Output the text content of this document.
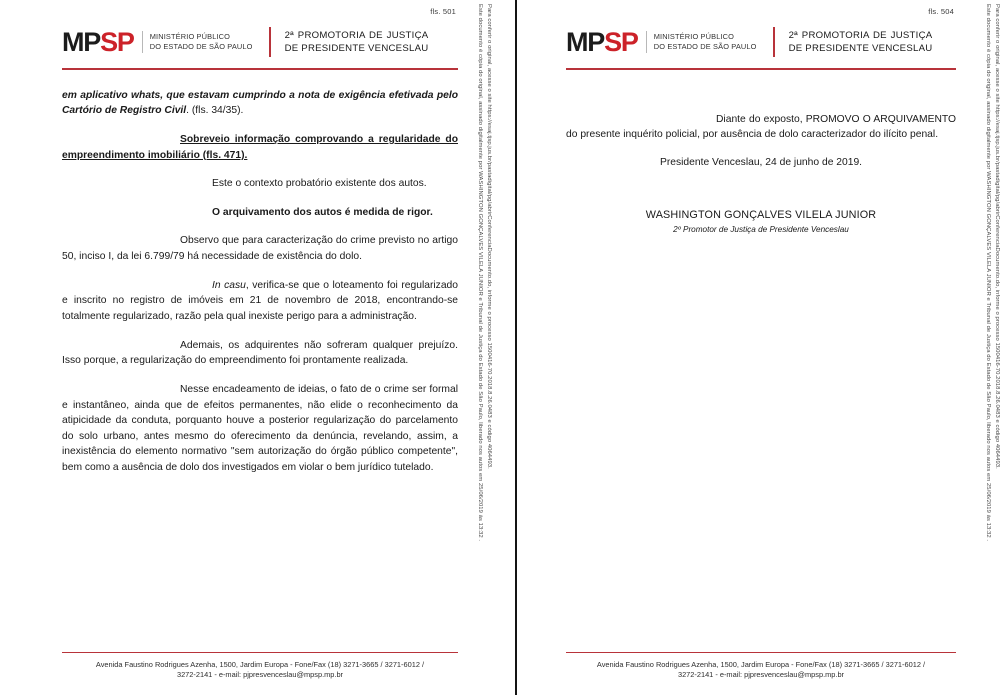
fls. 501
MPSP MINISTÉRIO PÚBLICO
DO ESTADO DE SÃO PAULO
2ª PROMOTORIA DE JUSTIÇA
DE PRESIDENTE VENCESLAU

em aplicativo whats, que estavam cumprindo a nota de exigência efetivada pelo Cartório de Registro Civil. (fls. 34/35).

Sobreveio informação comprovando a regularidade do empreendimento imobiliário (fls. 471).

Este o contexto probatório existente dos autos.

O arquivamento dos autos é medida de rigor.

Observo que para caracterização do crime previsto no artigo 50, inciso I, da lei 6.799/79 há necessidade de existência do dolo.

In casu, verifica-se que o loteamento foi regularizado e inscrito no registro de imóveis em 21 de novembro de 2018, encontrando-se totalmente regularizado, razão pela qual inexiste perigo para a administração.

Ademais, os adquirentes não sofreram qualquer prejuízo. Isso porque, a regularização do empreendimento foi prontamente realizada.

Nesse encadeamento de ideias, o fato de o crime ser formal e instantâneo, ainda que de efeitos permanentes, não elide o reconhecimento da atipicidade da conduta, porquanto houve a posterior regularização do parcelamento do solo urbano, antes mesmo do oferecimento da denúncia, revelando, assim, a inexistência do elemento normativo "sem autorização do órgão público competente", bem como a ausência de dolo dos investigados em violar o bem jurídico tutelado.

Avenida Faustino Rodrigues Azenha, 1500, Jardim Europa - Fone/Fax (18) 3271-3665 / 3271-6012 /
3272-2141 - e-mail: pjpresvenceslau@mpsp.mp.br
Este documento é cópia do original, assinado digitalmente por WASHINGTON GONÇALVES VILELA JUNIOR e Tribunal de Justiça do Estado de São Paulo, liberado nos autos em 25/06/2019 às 13:32 . Para conferir o original, acesse o site https://esaj.tjsp.jus.br/pastadigital/pg/abrirConferenciaDocumento.do, informe o processo 1500416-70.2018.8.26.0483 e código 4064493.	fls. 504
MPSP MINISTÉRIO PÚBLICO
DO ESTADO DE SÃO PAULO
2ª PROMOTORIA DE JUSTIÇA
DE PRESIDENTE VENCESLAU

Diante do exposto, PROMOVO O ARQUIVAMENTO do presente inquérito policial, por ausência de dolo caracterizador do ilícito penal.

Presidente Venceslau, 24 de junho de 2019.

WASHINGTON GONÇALVES VILELA JUNIOR
2º Promotor de Justiça de Presidente Venceslau
Avenida Faustino Rodrigues Azenha, 1500, Jardim Europa - Fone/Fax (18) 3271-3665 / 3271-6012 /
3272-2141 - e-mail: pjpresvenceslau@mpsp.mp.br
Este documento é cópia do original, assinado digitalmente por WASHINGTON GONÇALVES VILELA JUNIOR e Tribunal de Justiça do Estado de São Paulo, liberado nos autos em 25/06/2019 às 13:32 . Para conferir o original, acesse o site https://esaj.tjsp.jus.br/pastadigital/pg/abrirConferenciaDocumento.do, informe o processo 1500416-70.2018.8.26.0483 e código 4064493.
